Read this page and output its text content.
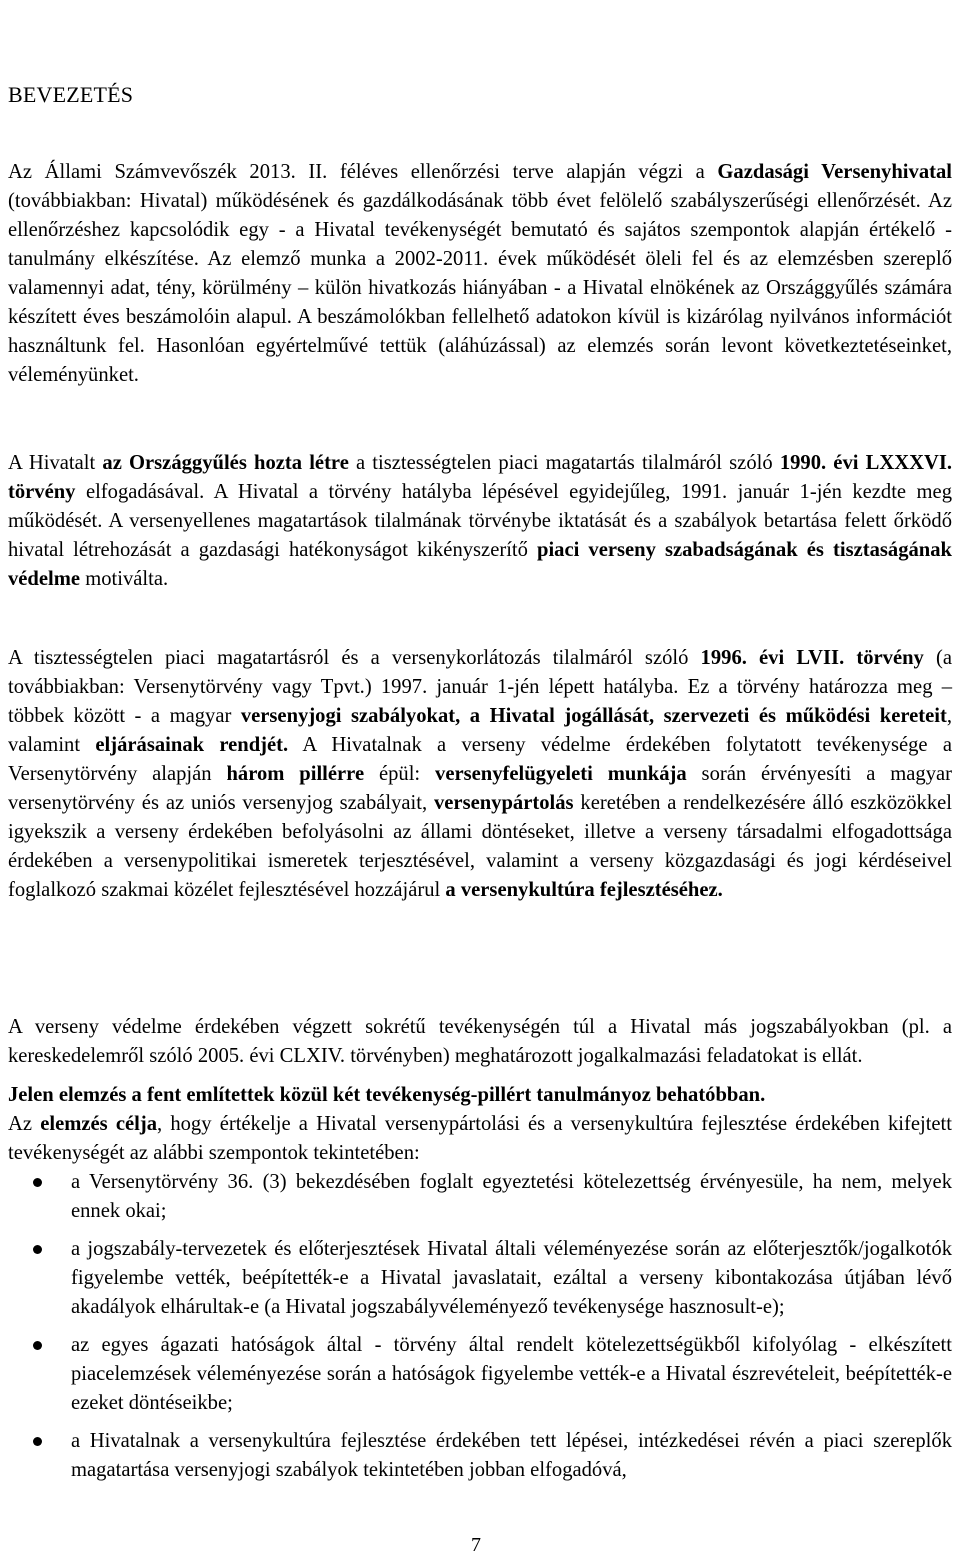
BEVEZETÉS

Az Állami Számvevőszék 2013. II. féléves ellenőrzési terve alapján végzi a Gazdasági Versenyhivatal (továbbiakban: Hivatal) működésének és gazdálkodásának több évet felölelő szabályszerűségi ellenőrzését. Az ellenőrzéshez kapcsolódik egy - a Hivatal tevékenységét bemutató és sajátos szempontok alapján értékelő - tanulmány elkészítése. Az elemző munka a 2002-2011. évek működését öleli fel és az elemzésben szereplő valamennyi adat, tény, körülmény – külön hivatkozás hiányában - a Hivatal elnökének az Országgyűlés számára készített éves beszámolóin alapul. A beszámolókban fellelhető adatokon kívül is kizárólag nyilvános információt használtunk fel. Hasonlóan egyértelművé tettük (aláhúzással) az elemzés során levont következtetéseinket, véleményünket.

A Hivatalt az Országgyűlés hozta létre a tisztességtelen piaci magatartás tilalmáról szóló 1990. évi LXXXVI. törvény elfogadásával. A Hivatal a törvény hatályba lépésével egyidejűleg, 1991. január 1-jén kezdte meg működését. A versenyellenes magatartások tilalmának törvénybe iktatását és a szabályok betartása felett őrködő hivatal létrehozását a gazdasági hatékonyságot kikényszerítő piaci verseny szabadságának és tisztaságának védelme motiválta.

A tisztességtelen piaci magatartásról és a versenykorlátozás tilalmáról szóló 1996. évi LVII. törvény (a továbbiakban: Versenytörvény vagy Tpvt.) 1997. január 1-jén lépett hatályba. Ez a törvény határozza meg – többek között - a magyar versenyjogi szabályokat, a Hivatal jogállását, szervezeti és működési kereteit, valamint eljárásainak rendjét. A Hivatalnak a verseny védelme érdekében folytatott tevékenysége a Versenytörvény alapján három pillérre épül: versenyfelügyeleti munkája során érvényesíti a magyar versenytörvény és az uniós versenyjog szabályait, versenypártolás keretében a rendelkezésére álló eszközökkel igyekszik a verseny érdekében befolyásolni az állami döntéseket, illetve a verseny társadalmi elfogadottsága érdekében a versenypolitikai ismeretek terjesztésével, valamint a verseny közgazdasági és jogi kérdéseivel foglalkozó szakmai közélet fejlesztésével hozzájárul a versenykultúra fejlesztéséhez.

A verseny védelme érdekében végzett sokrétű tevékenységén túl a Hivatal más jogszabályokban (pl. a kereskedelemről szóló 2005. évi CLXIV. törvényben) meghatározott jogalkalmazási feladatokat is ellát.

Jelen elemzés a fent említettek közül két tevékenység-pillért tanulmányoz behatóbban.

Az elemzés célja, hogy értékelje a Hivatal versenypártolási és a versenykultúra fejlesztése érdekében kifejtett tevékenységét az alábbi szempontok tekintetében:

a Versenytörvény 36. (3) bekezdésében foglalt egyeztetési kötelezettség érvényesüle, ha nem, melyek ennek okai;
a jogszabály-tervezetek és előterjesztések Hivatal általi véleményezése során az előterjesztők/jogalkotók figyelembe vették, beépítették-e a Hivatal javaslatait, ezáltal a verseny kibontakozása útjában lévő akadályok elhárultak-e (a Hivatal jogszabályvéleményező tevékenysége hasznosult-e);
az egyes ágazati hatóságok által - törvény által rendelt kötelezettségükből kifolyólag - elkészített piacelemzések véleményezése során a hatóságok figyelembe vették-e a Hivatal észrevételeit, beépítették-e ezeket döntéseikbe;
a Hivatalnak a versenykultúra fejlesztése érdekében tett lépései, intézkedései révén a piaci szereplők magatartása versenyjogi szabályok tekintetében jobban elfogadóvá,
7
